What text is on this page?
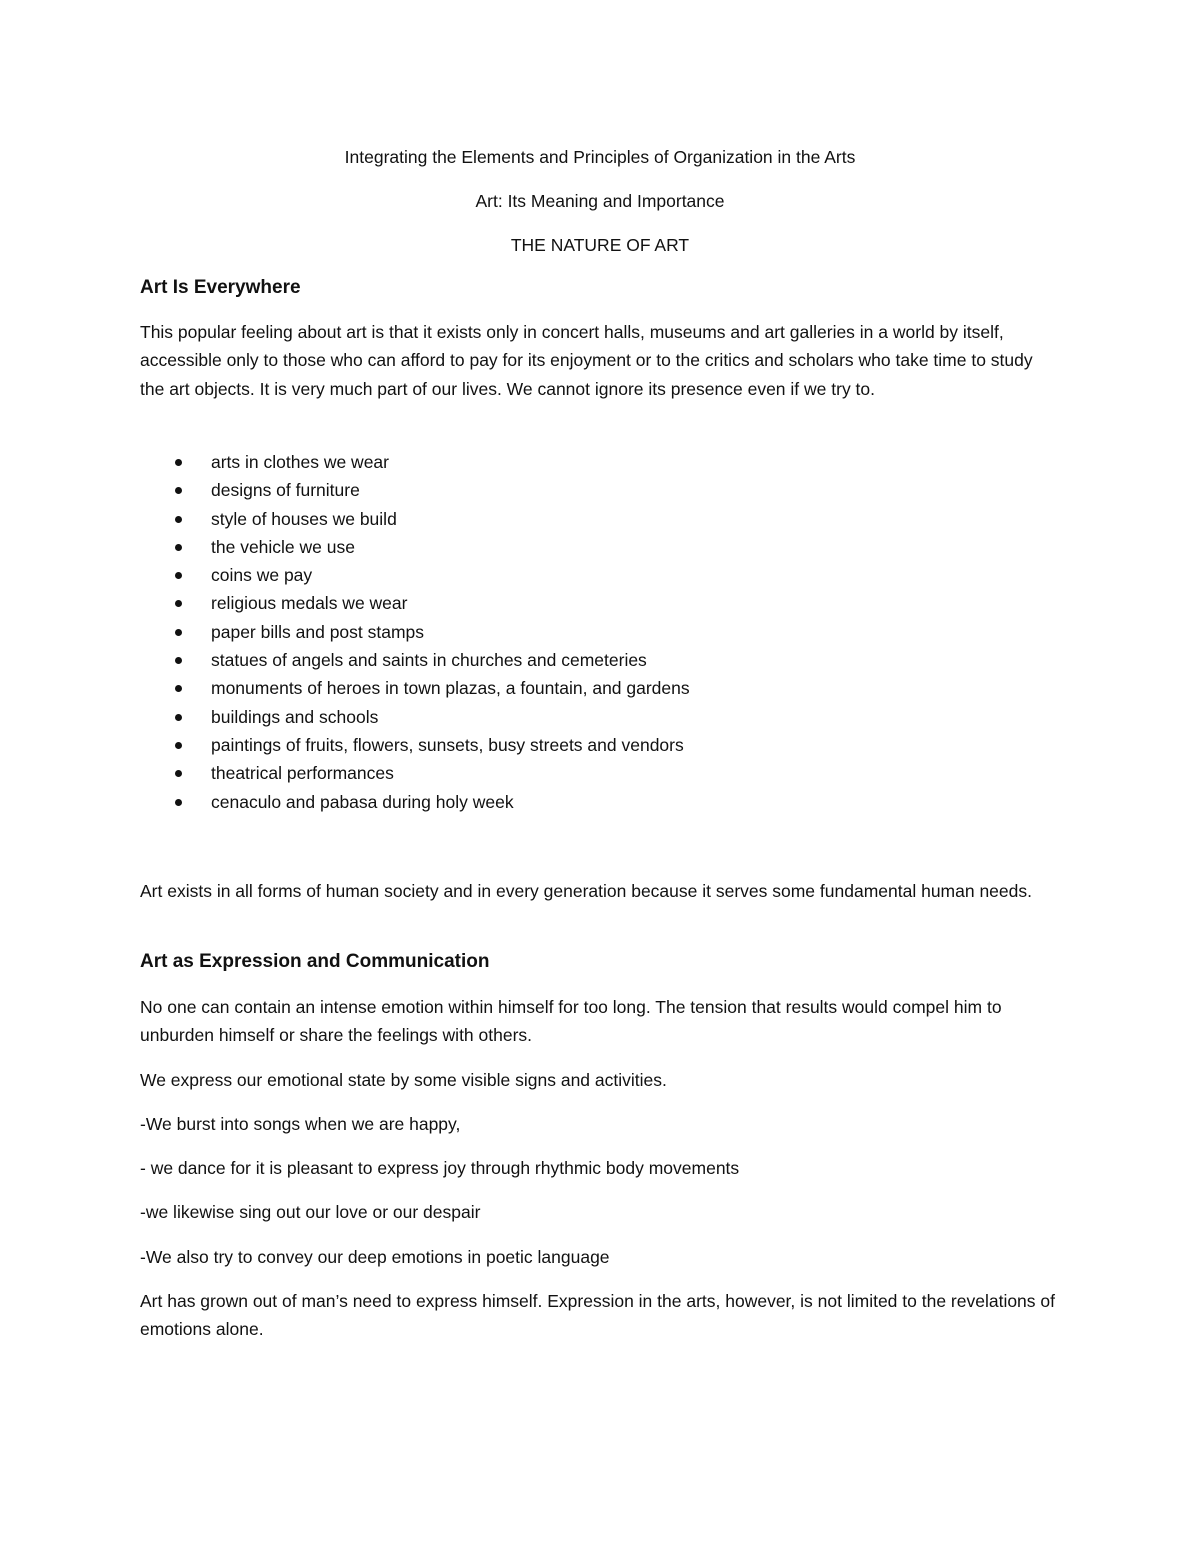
Integrating the Elements and Principles of Organization in the Arts

Art: Its Meaning and Importance

THE NATURE OF ART

Art Is Everywhere

This popular feeling about art is that it exists only in concert halls, museums and art galleries in a world by itself, accessible only to those who can afford to pay for its enjoyment or to the critics and scholars who take time to study the art objects. It is very much part of our lives. We cannot ignore its presence even if we try to.

arts in clothes we wear
designs of furniture
style of houses we build
the vehicle we use
coins we pay
religious medals we wear
paper bills and post stamps
statues of angels and saints in churches and cemeteries
monuments of heroes in town plazas, a fountain, and gardens
buildings and schools
paintings of fruits, flowers, sunsets, busy streets and vendors
theatrical performances
cenaculo and pabasa during holy week

Art exists in all forms of human society and in every generation because it serves some fundamental human needs.

Art as Expression and Communication

No one can contain an intense emotion within himself for too long. The tension that results would compel him to unburden himself or share the feelings with others.

We express our emotional state by some visible signs and activities.

-We burst into songs when we are happy,

- we dance for it is pleasant to express joy through rhythmic body movements

-we likewise sing out our love or our despair

-We also try to convey our deep emotions in poetic language

Art has grown out of man’s need to express himself. Expression in the arts, however, is not limited to the revelations of emotions alone.
